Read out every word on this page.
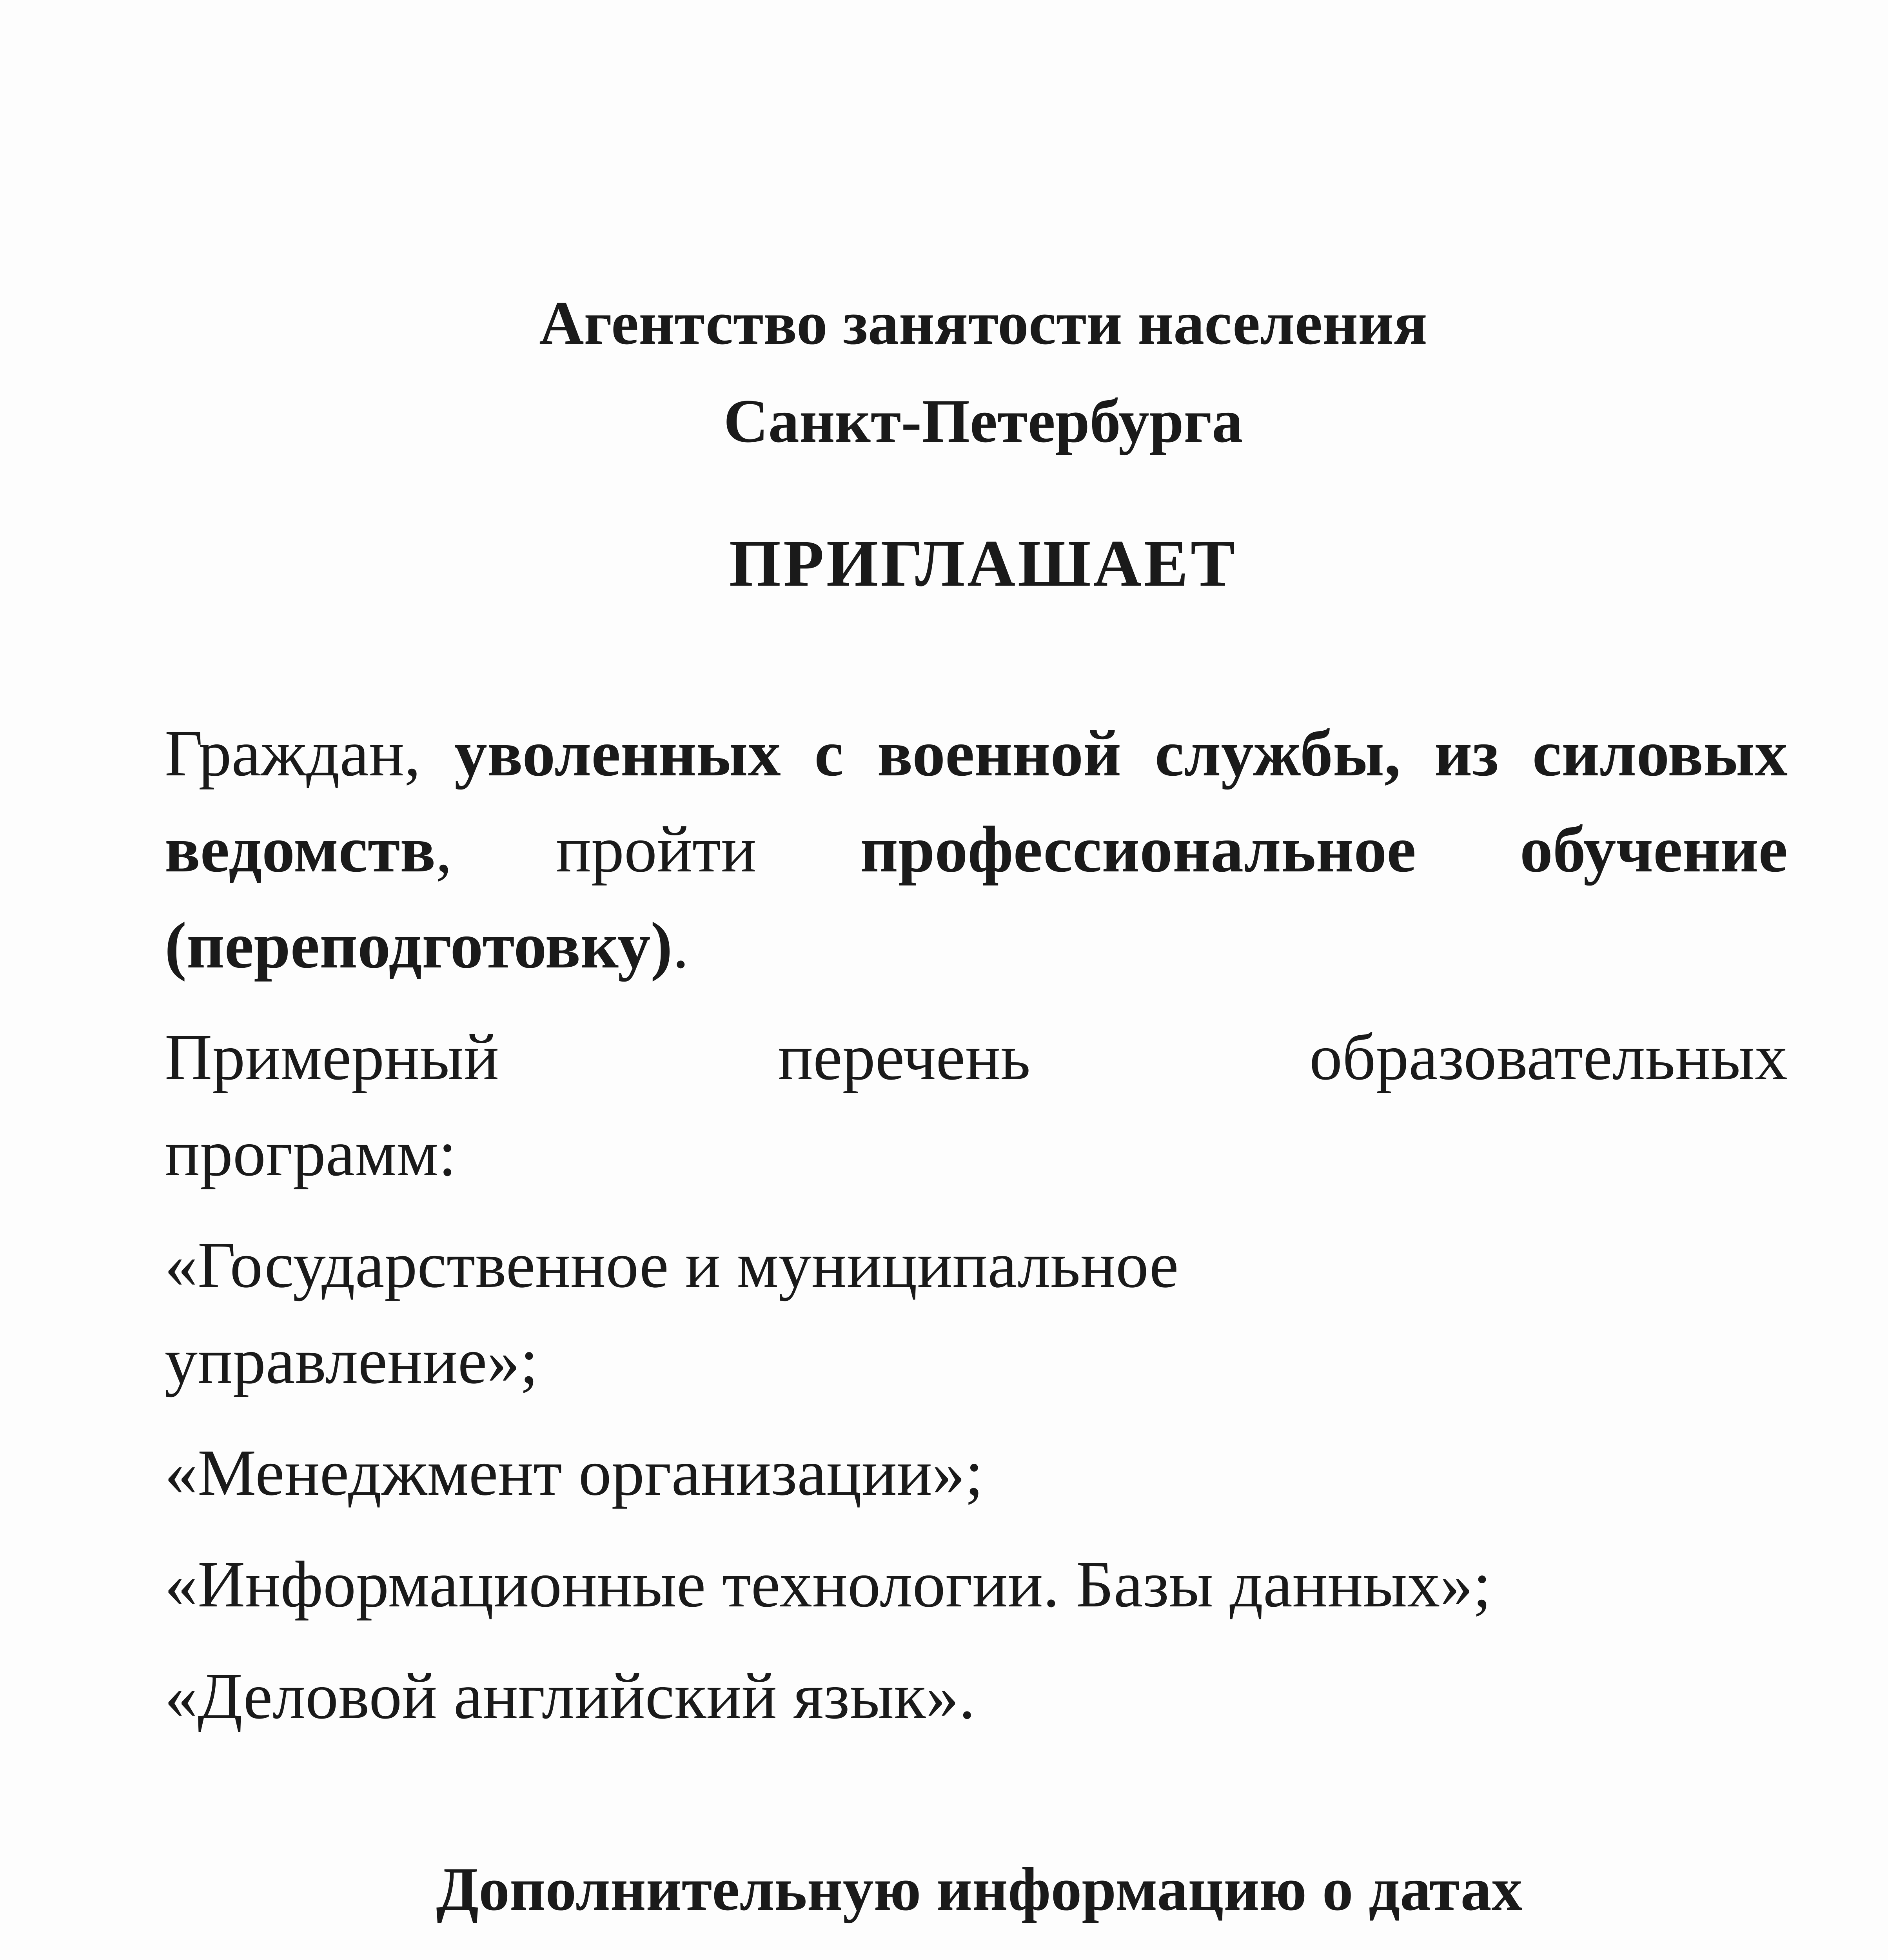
Агентство занятости населения
Санкт-Петербурга
ПРИГЛАШАЕТ
Граждан, уволенных с военной службы, из силовых ведомств, пройти профессиональное обучение (переподготовку).
Примерный	перечень	образовательных
программ:
«Государственное и муниципальное
управление»;
«Менеджмент организации»;
«Информационные технологии. Базы данных»;
«Деловой английский язык».
Дополнительную информацию о датах
